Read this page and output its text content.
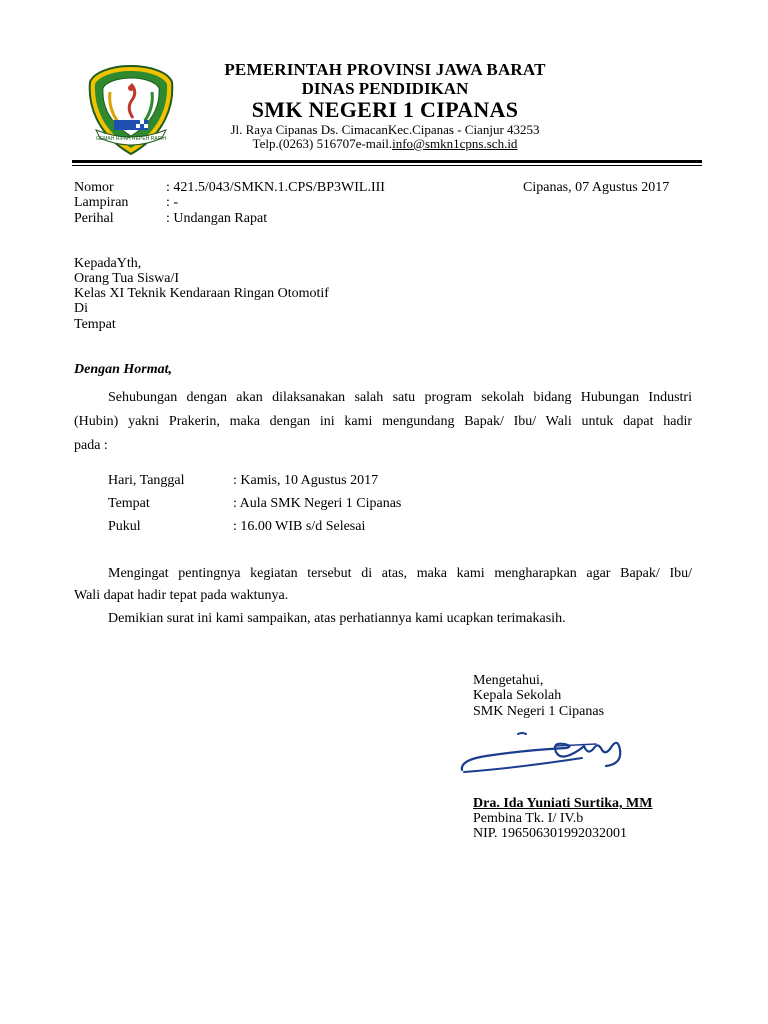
GEMAH RIPAH REPEH RAPIH
PEMERINTAH PROVINSI JAWA BARAT
DINAS PENDIDIKAN
SMK NEGERI 1 CIPANAS
Jl. Raya Cipanas Ds. CimacanKec.Cipanas - Cianjur 43253
Telp.(0263) 516707e-mail.info@smkn1cpns.sch.id
Nomor	: 421.5/043/SMKN.1.CPS/BP3WIL.III	Cipanas, 07 Agustus 2017
Lampiran	: -
Perihal	: Undangan Rapat
KepadaYth,
Orang Tua Siswa/I
Kelas XI Teknik Kendaraan Ringan Otomotif
Di
Tempat
Dengan Hormat,
Sehubungan dengan akan dilaksanakan salah satu program sekolah bidang Hubungan Industri
(Hubin) yakni Prakerin, maka dengan ini kami mengundang Bapak/ Ibu/ Wali untuk dapat hadir
pada :
Hari, Tanggal	: Kamis, 10 Agustus 2017
Tempat	: Aula SMK Negeri 1 Cipanas
Pukul	: 16.00 WIB s/d Selesai
Mengingat pentingnya kegiatan tersebut di atas, maka kami mengharapkan agar Bapak/ Ibu/
Wali dapat hadir tepat pada waktunya.
Demikian surat ini kami sampaikan, atas perhatiannya kami ucapkan terimakasih.
Mengetahui,
Kepala Sekolah
SMK Negeri 1 Cipanas
Dra. Ida Yuniati Surtika, MM
Pembina Tk. I/ IV.b
NIP. 196506301992032001
